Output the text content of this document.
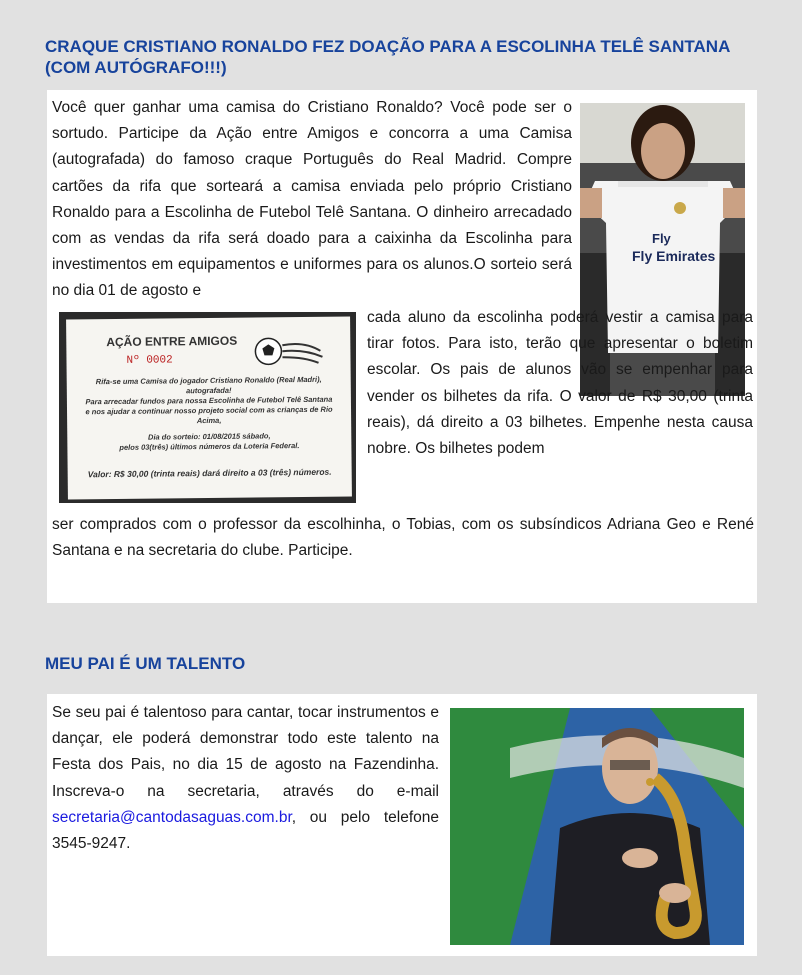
CRAQUE CRISTIANO RONALDO FEZ DOAÇÃO PARA A ESCOLINHA TELÊ SANTANA (COM AUTÓGRAFO!!!)

Você quer ganhar uma camisa do Cristiano Ronaldo? Você pode ser o sortudo. Participe da Ação entre Amigos e concorra a uma Camisa (autografada) do famoso craque Português do Real Madrid. Compre cartões da rifa que sorteará a camisa enviada pelo próprio Cristiano Ronaldo para a Escolinha de Futebol Telê Santana. O dinheiro arrecadado com as vendas da rifa será doado para a caixinha da Escolinha para investimentos em equipamentos e uniformes para os alunos.O sorteio será no dia 01 de agosto e

Fly
Fly Emirates
AÇÃO ENTRE AMIGOS
Nº 0002
Rifa-se uma Camisa do jogador Cristiano Ronaldo (Real Madri), autografada!
Para arrecadar fundos para nossa Escolinha de Futebol Telê Santana
e nos ajudar a continuar nosso projeto social com as crianças de Rio Acima,
Dia do sorteio: 01/08/2015 sábado,
pelos 03(três) últimos números da Loteria Federal.
Valor: R$ 30,00 (trinta reais) dará direito a 03 (três) números.

cada aluno da escolinha poderá vestir a camisa para tirar fotos. Para isto, terão que apresentar o boletim escolar. Os pais de alunos vão se empenhar para vender os bilhetes da rifa. O valor de R$ 30,00 (trinta reais), dá direito a 03 bilhetes. Empenhe nesta causa nobre. Os bilhetes podem

ser comprados com o professor da escolhinha, o Tobias, com os subsíndicos Adriana Geo e René Santana e na secretaria do clube. Participe.

MEU PAI É UM TALENTO

Se seu pai é talentoso para cantar, tocar instrumentos e dançar, ele poderá demonstrar todo este talento na Festa dos Pais, no dia 15 de agosto na Fazendinha. Inscreva-o na secretaria, através do e-mail secretaria@cantodasaguas.com.br, ou pelo telefone 3545-9247.
